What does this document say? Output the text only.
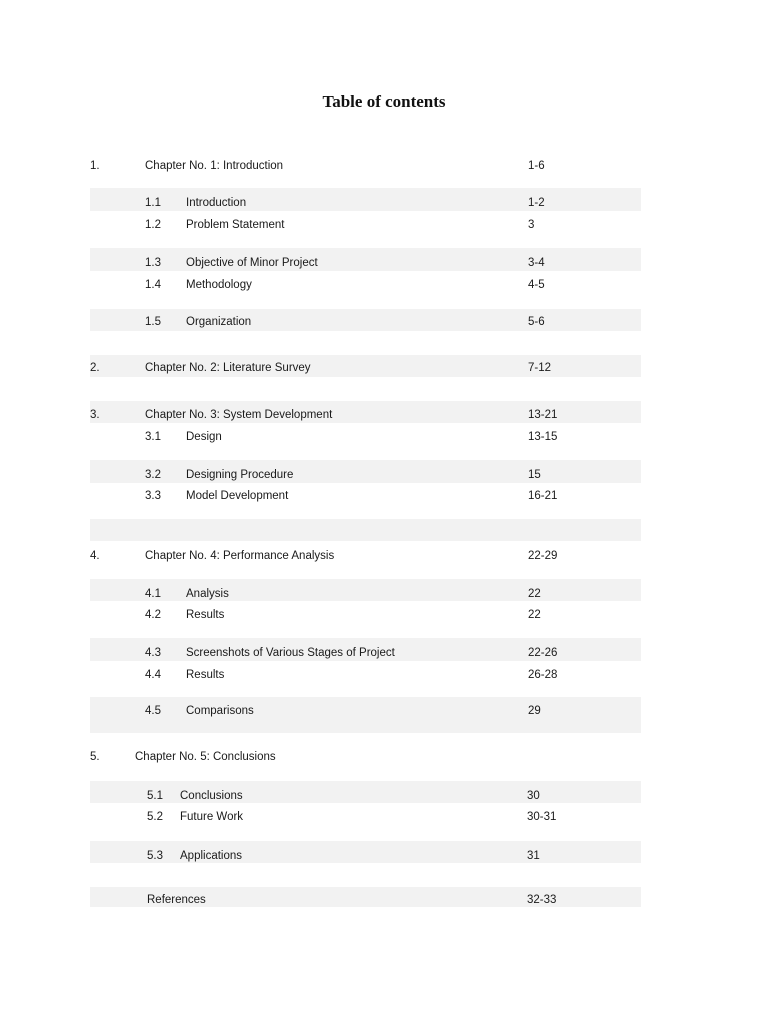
Table of contents
1.	Chapter No. 1: Introduction	1-6
1.1 Introduction	1-2
1.2 Problem Statement	3
1.3 Objective of Minor Project	3-4
1.4 Methodology	4-5
1.5 Organization	5-6
2.	Chapter No. 2: Literature Survey	7-12
3.	Chapter No. 3: System Development	13-21
3.1 Design	13-15
3.2 Designing Procedure	15
3.3 Model Development	16-21
4.	Chapter No. 4: Performance Analysis	22-29
4.1 Analysis	22
4.2 Results	22
4.3 Screenshots of Various Stages of Project	22-26
4.4 Results	26-28
4.5 Comparisons	29
5.	Chapter No. 5: Conclusions
5.1 Conclusions	30
5.2 Future Work	30-31
5.3 Applications	31
References	32-33
